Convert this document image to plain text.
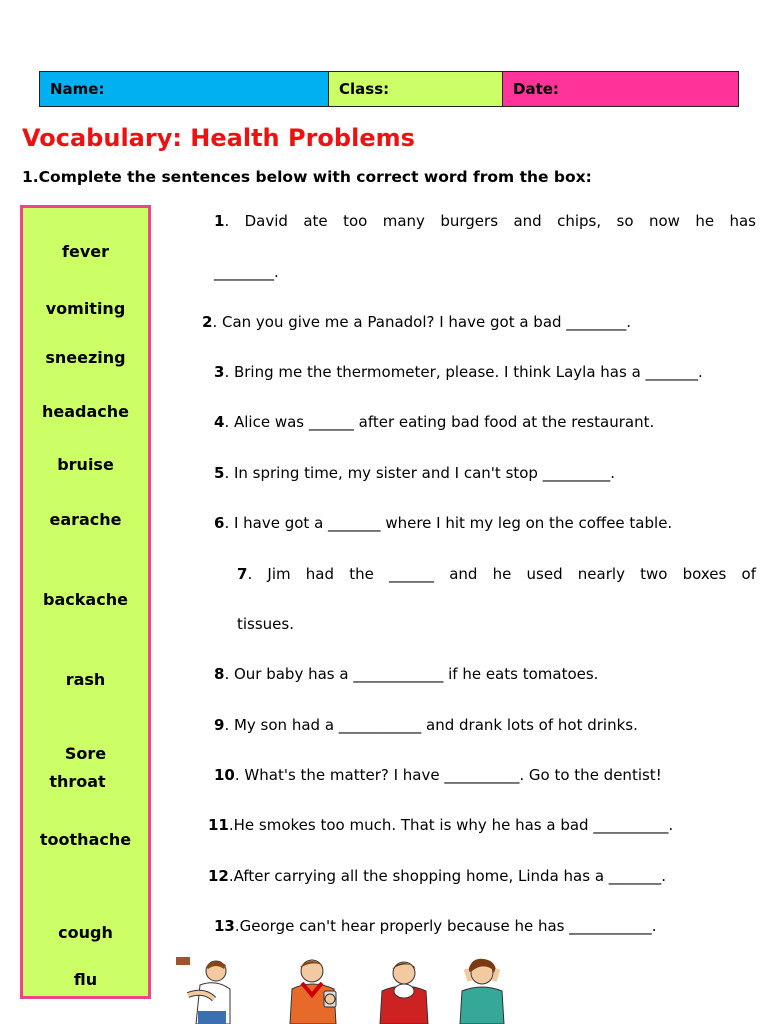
Name:	Class:	Date:
Vocabulary: Health Problems
1.Complete the sentences below with correct word from the box:
fever
vomiting
sneezing
headache
bruise
earache
backache
rash
Sore
throat
toothache
cough
flu
1. David ate too many burgers and chips, so now he has
________.
2. Can you give me a Panadol? I have got a bad ________.
3. Bring me the thermometer, please. I think Layla has a _______.
4. Alice was ______ after eating bad food at the restaurant.
5. In spring time, my sister and I can't stop _________.
6. I have got a _______ where I hit my leg on the coffee table.
7. Jim had the ______ and he used nearly two boxes of
tissues.
8. Our baby has a ____________ if he eats tomatoes.
9. My son had a ___________ and drank lots of hot drinks.
10. What's the matter? I have __________. Go to the dentist!
11.He smokes too much. That is why he has a bad __________.
12.After carrying all the shopping home, Linda has a _______.
13.George can't hear properly because he has ___________.
